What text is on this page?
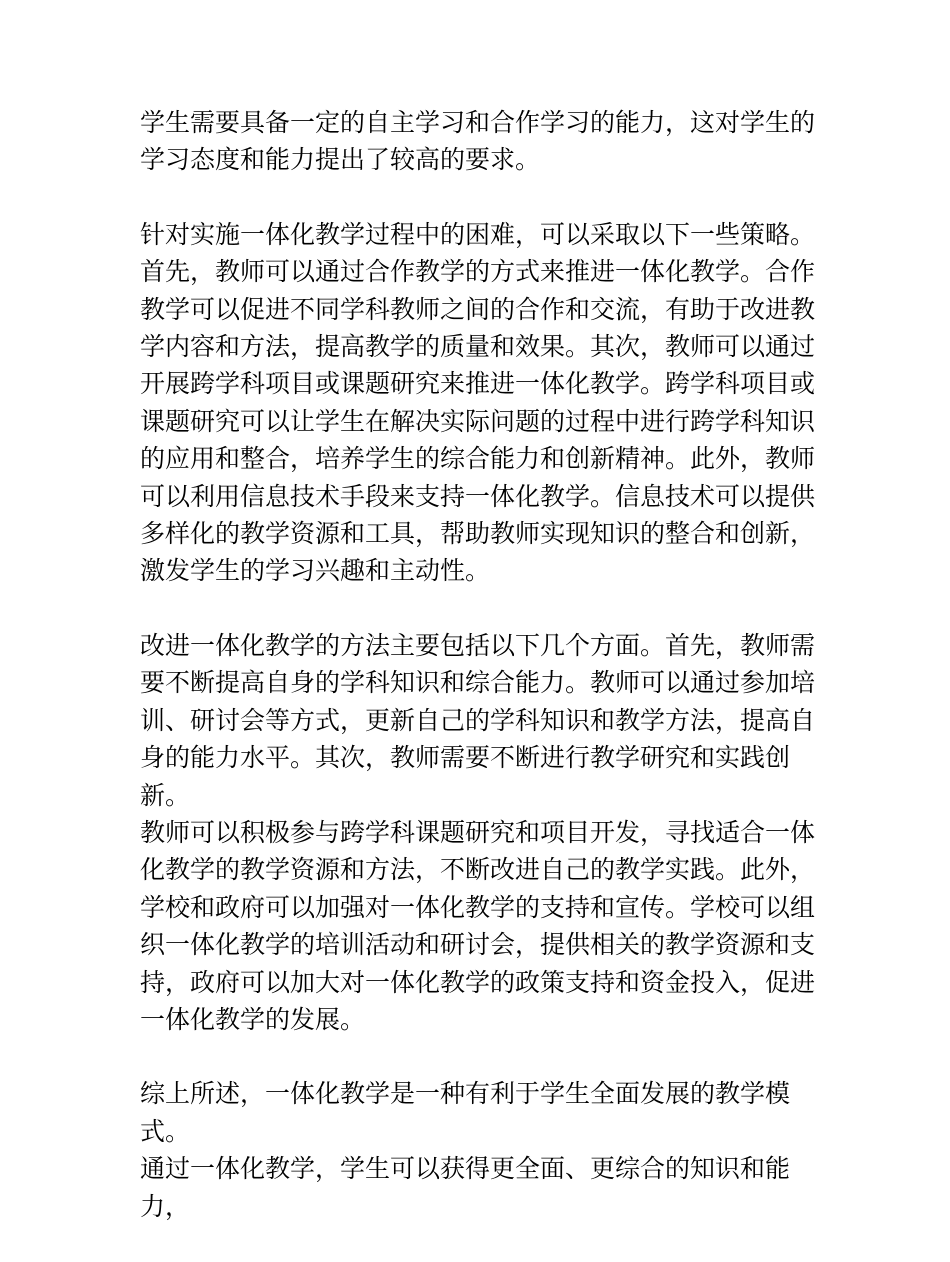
学生需要具备一定的自主学习和合作学习的能力，这对学生的
学习态度和能力提出了较高的要求。

针对实施一体化教学过程中的困难，可以采取以下一些策略。
首先，教师可以通过合作教学的方式来推进一体化教学。合作
教学可以促进不同学科教师之间的合作和交流，有助于改进教
学内容和方法，提高教学的质量和效果。其次，教师可以通过
开展跨学科项目或课题研究来推进一体化教学。跨学科项目或
课题研究可以让学生在解决实际问题的过程中进行跨学科知识
的应用和整合，培养学生的综合能力和创新精神。此外，教师
可以利用信息技术手段来支持一体化教学。信息技术可以提供
多样化的教学资源和工具，帮助教师实现知识的整合和创新，
激发学生的学习兴趣和主动性。

改进一体化教学的方法主要包括以下几个方面。首先，教师需
要不断提高自身的学科知识和综合能力。教师可以通过参加培
训、研讨会等方式，更新自己的学科知识和教学方法，提高自
身的能力水平。其次，教师需要不断进行教学研究和实践创新。
教师可以积极参与跨学科课题研究和项目开发，寻找适合一体
化教学的教学资源和方法，不断改进自己的教学实践。此外，
学校和政府可以加强对一体化教学的支持和宣传。学校可以组
织一体化教学的培训活动和研讨会，提供相关的教学资源和支
持，政府可以加大对一体化教学的政策支持和资金投入，促进
一体化教学的发展。

综上所述，一体化教学是一种有利于学生全面发展的教学模式。
通过一体化教学，学生可以获得更全面、更综合的知识和能力，
